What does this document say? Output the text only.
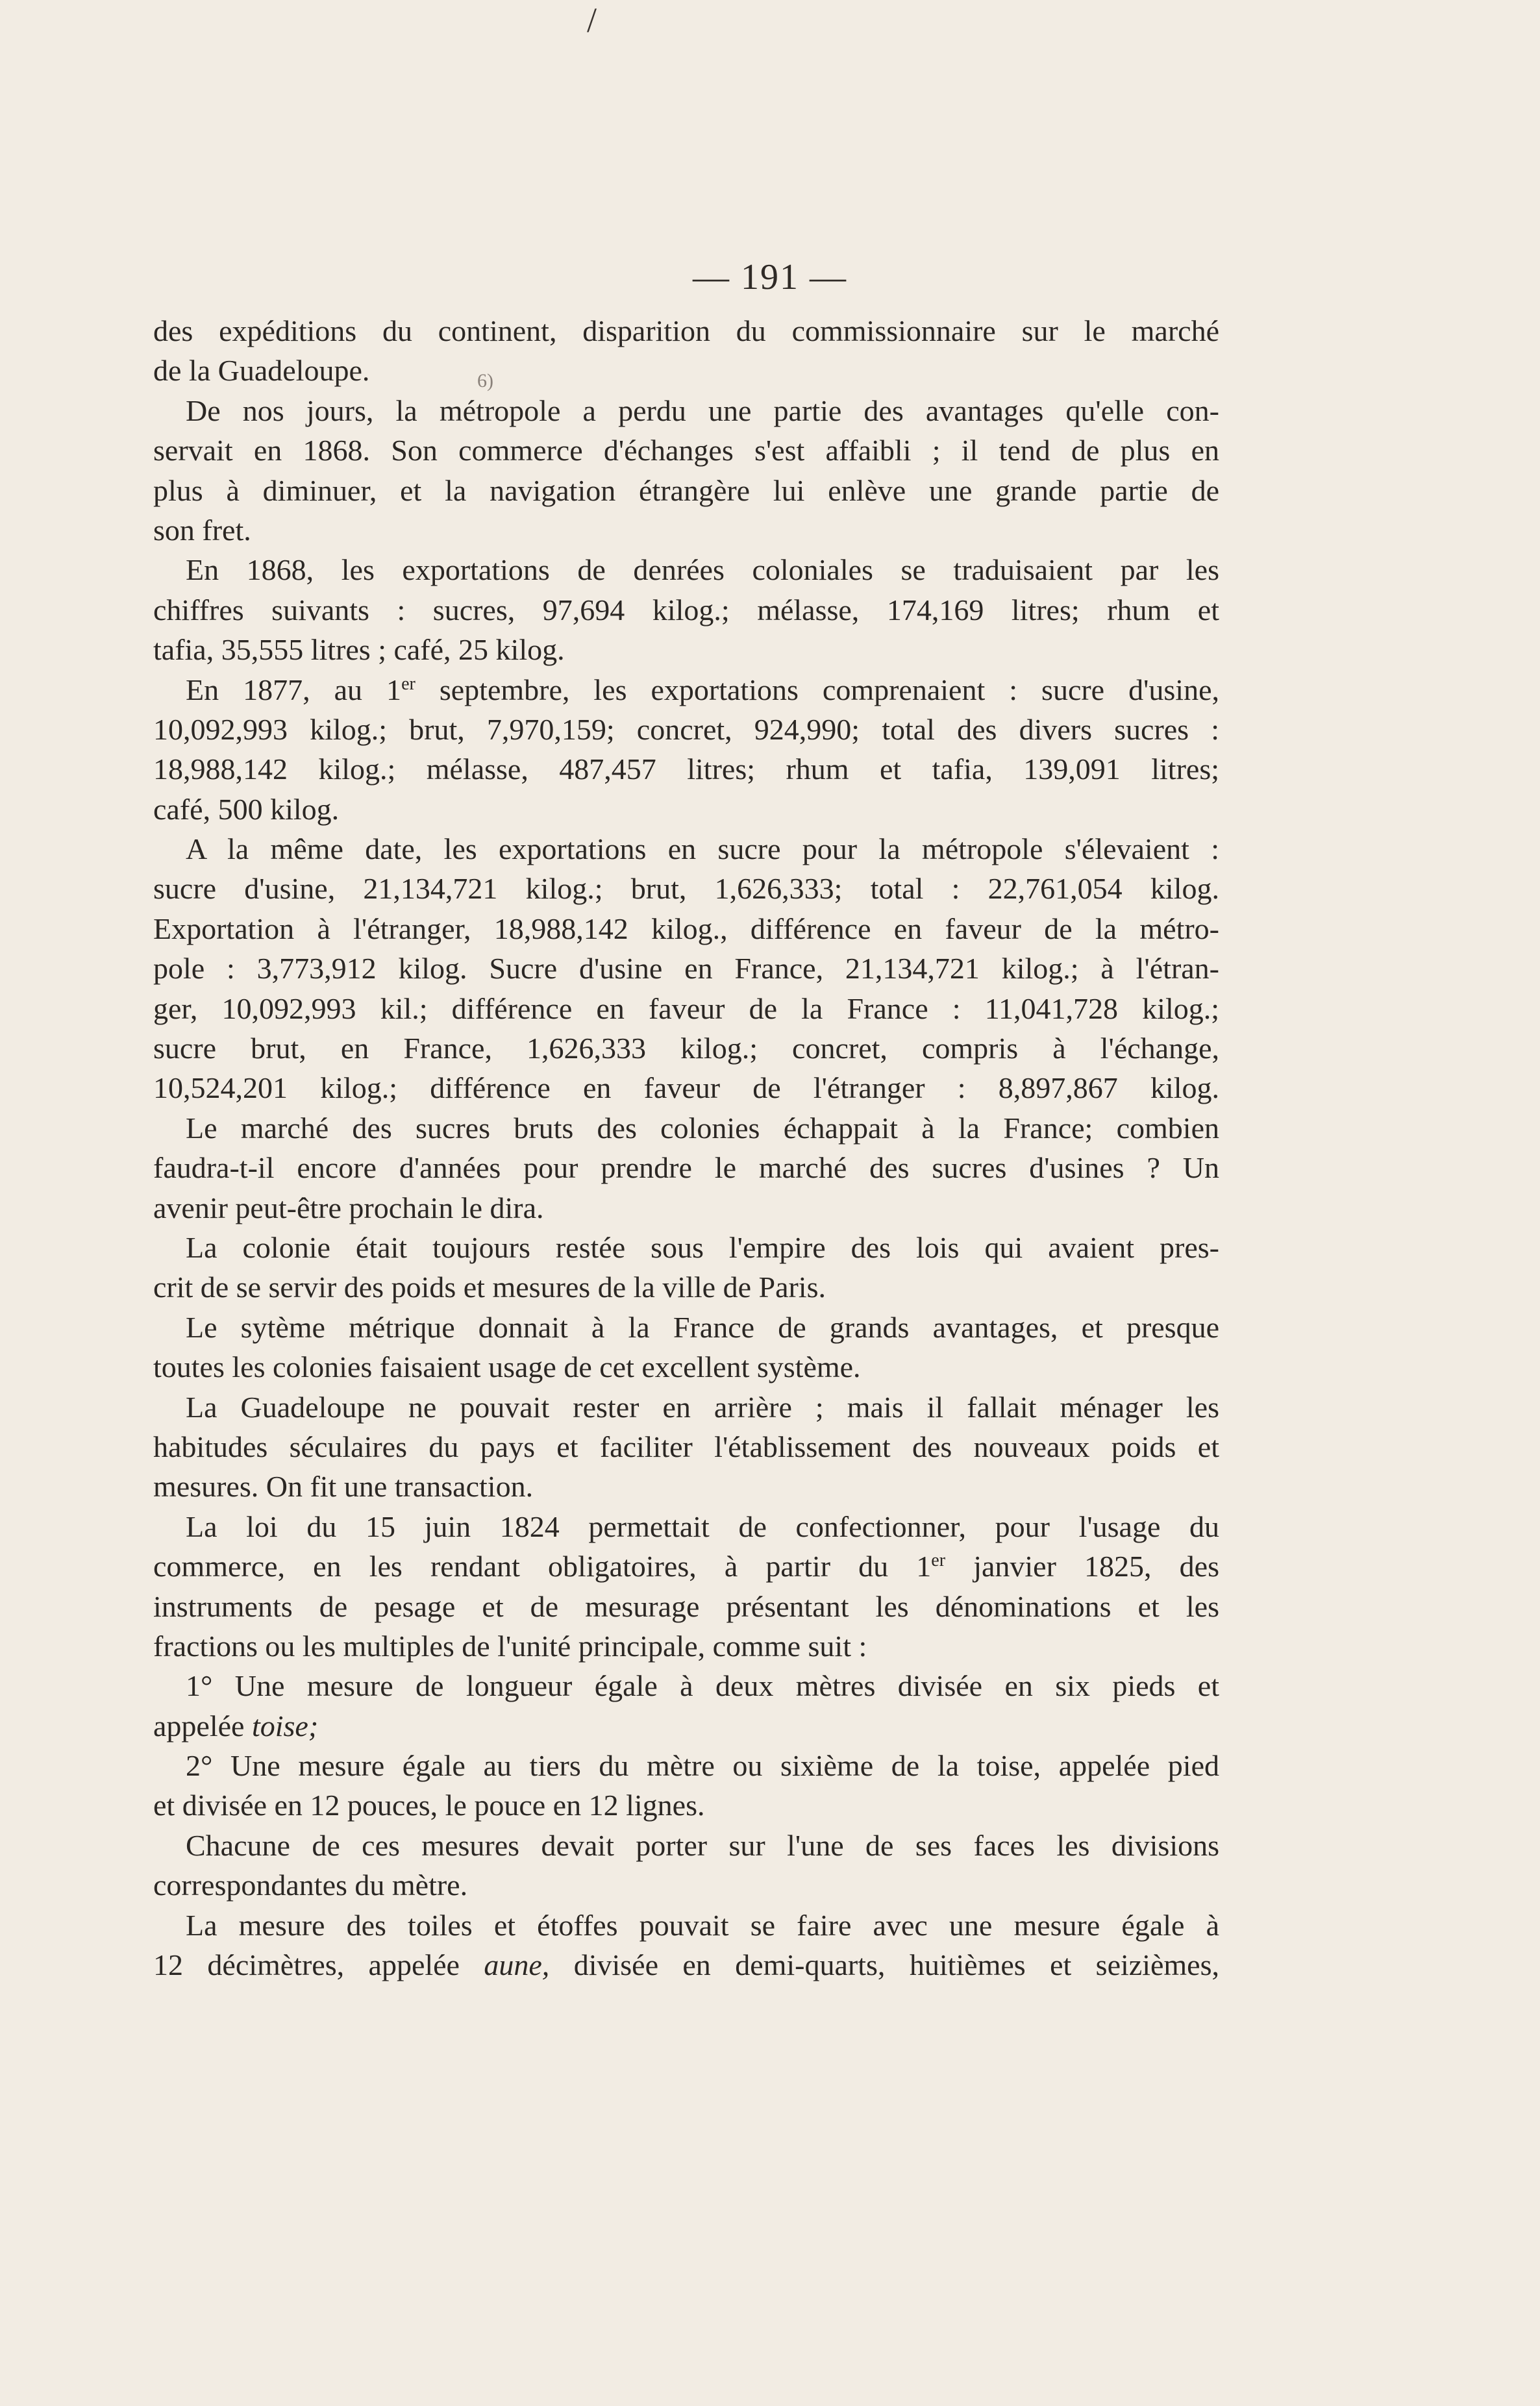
/
— 191 —
6)
des expéditions du continent, disparition du commissionnaire sur le marché
de la Guadeloupe.
De nos jours, la métropole a perdu une partie des avantages qu'elle con-
servait en 1868. Son commerce d'échanges s'est affaibli ; il tend de plus en
plus à diminuer, et la navigation étrangère lui enlève une grande partie de
son fret.
En 1868, les exportations de denrées coloniales se traduisaient par les
chiffres suivants : sucres, 97,694 kilog.; mélasse, 174,169 litres; rhum et
tafia, 35,555 litres ; café, 25 kilog.
En 1877, au 1er septembre, les exportations comprenaient : sucre d'usine,
10,092,993 kilog.; brut, 7,970,159; concret, 924,990; total des divers sucres :
18,988,142 kilog.; mélasse, 487,457 litres; rhum et tafia, 139,091 litres;
café, 500 kilog.
A la même date, les exportations en sucre pour la métropole s'élevaient :
sucre d'usine, 21,134,721 kilog.; brut, 1,626,333; total : 22,761,054 kilog.
Exportation à l'étranger, 18,988,142 kilog., différence en faveur de la métro-
pole : 3,773,912 kilog. Sucre d'usine en France, 21,134,721 kilog.; à l'étran-
ger, 10,092,993 kil.; différence en faveur de la France : 11,041,728 kilog.;
sucre brut, en France, 1,626,333 kilog.; concret, compris à l'échange,
10,524,201 kilog.; différence en faveur de l'étranger : 8,897,867 kilog.
Le marché des sucres bruts des colonies échappait à la France; combien
faudra-t-il encore d'années pour prendre le marché des sucres d'usines ? Un
avenir peut-être prochain le dira.
La colonie était toujours restée sous l'empire des lois qui avaient pres-
crit de se servir des poids et mesures de la ville de Paris.
Le sytème métrique donnait à la France de grands avantages, et presque
toutes les colonies faisaient usage de cet excellent système.
La Guadeloupe ne pouvait rester en arrière ; mais il fallait ménager les
habitudes séculaires du pays et faciliter l'établissement des nouveaux poids et
mesures. On fit une transaction.
La loi du 15 juin 1824 permettait de confectionner, pour l'usage du
commerce, en les rendant obligatoires, à partir du 1er janvier 1825, des
instruments de pesage et de mesurage présentant les dénominations et les
fractions ou les multiples de l'unité principale, comme suit :
1° Une mesure de longueur égale à deux mètres divisée en six pieds et
appelée toise;
2° Une mesure égale au tiers du mètre ou sixième de la toise, appelée pied
et divisée en 12 pouces, le pouce en 12 lignes.
Chacune de ces mesures devait porter sur l'une de ses faces les divisions
correspondantes du mètre.
La mesure des toiles et étoffes pouvait se faire avec une mesure égale à
12 décimètres, appelée aune, divisée en demi-quarts, huitièmes et seizièmes,
